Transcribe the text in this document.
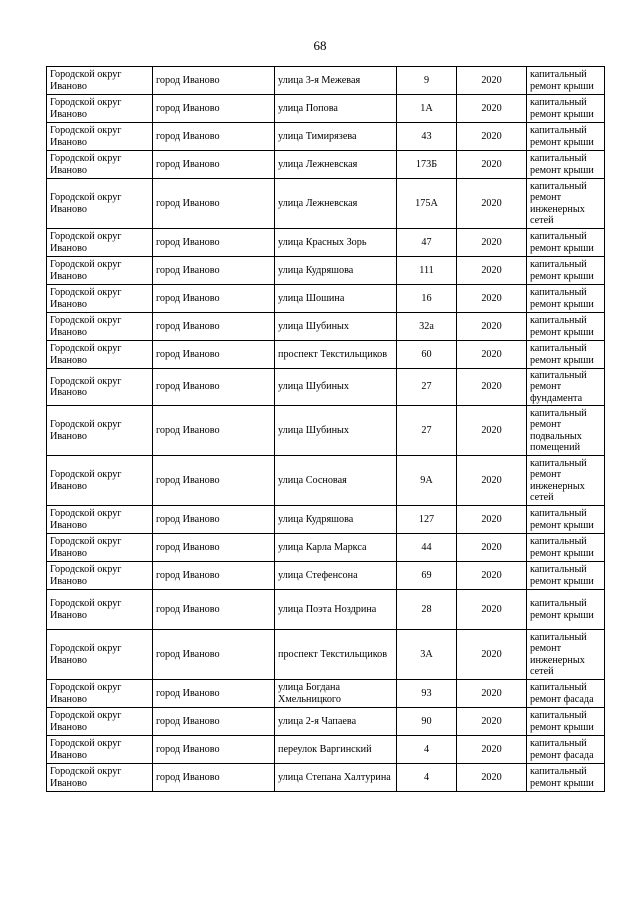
68
Городской округ Иваново	город Иваново	улица 3-я Межевая	9	2020	капитальный ремонт крыши
Городской округ Иваново	город Иваново	улица Попова	1А	2020	капитальный ремонт крыши
Городской округ Иваново	город Иваново	улица Тимирязева	43	2020	капитальный ремонт крыши
Городской округ Иваново	город Иваново	улица Лежневская	173Б	2020	капитальный ремонт крыши
Городской округ Иваново	город Иваново	улица Лежневская	175А	2020	капитальный ремонт инженерных сетей
Городской округ Иваново	город Иваново	улица Красных Зорь	47	2020	капитальный ремонт крыши
Городской округ Иваново	город Иваново	улица Кудряшова	111	2020	капитальный ремонт крыши
Городской округ Иваново	город Иваново	улица Шошина	16	2020	капитальный ремонт крыши
Городской округ Иваново	город Иваново	улица Шубиных	32а	2020	капитальный ремонт крыши
Городской округ Иваново	город Иваново	проспект Текстильщиков	60	2020	капитальный ремонт крыши
Городской округ Иваново	город Иваново	улица Шубиных	27	2020	капитальный ремонт фундамента
Городской округ Иваново	город Иваново	улица Шубиных	27	2020	капитальный ремонт подвальных помещений
Городской округ Иваново	город Иваново	улица Сосновая	9А	2020	капитальный ремонт инженерных сетей
Городской округ Иваново	город Иваново	улица Кудряшова	127	2020	капитальный ремонт крыши
Городской округ Иваново	город Иваново	улица Карла Маркса	44	2020	капитальный ремонт крыши
Городской округ Иваново	город Иваново	улица Стефенсона	69	2020	капитальный ремонт крыши
Городской округ Иваново	город Иваново	улица Поэта Ноздрина	28	2020	капитальный ремонт крыши
Городской округ Иваново	город Иваново	проспект Текстильщиков	3А	2020	капитальный ремонт инженерных сетей
Городской округ Иваново	город Иваново	улица Богдана Хмельницкого	93	2020	капитальный ремонт фасада
Городской округ Иваново	город Иваново	улица 2-я Чапаева	90	2020	капитальный ремонт крыши
Городской округ Иваново	город Иваново	переулок Варгинский	4	2020	капитальный ремонт фасада
Городской округ Иваново	город Иваново	улица Степана Халтурина	4	2020	капитальный ремонт крыши
